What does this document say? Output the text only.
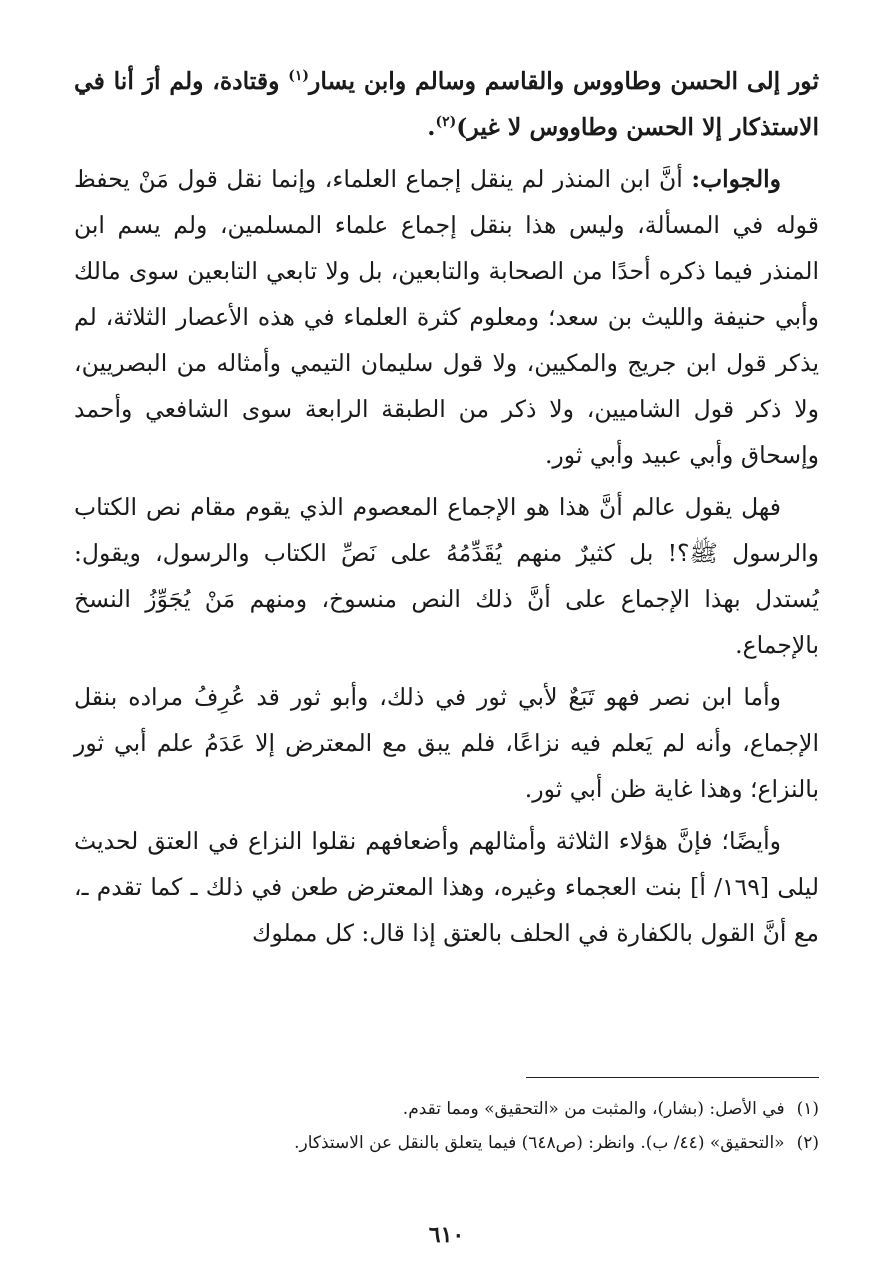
ثور إلى الحسن وطاووس والقاسم وسالم وابن يسار$^{(١)}$ وقتادة، ولم أرَ أنا في الاستذكار إلا الحسن وطاووس لا غير)$^{(٢)}$.

والجواب: أنَّ ابن المنذر لم ينقل إجماع العلماء، وإنما نقل قول مَنْ يحفظ قوله في المسألة، وليس هذا بنقل إجماع علماء المسلمين، ولم يسم ابن المنذر فيما ذكره أحدًا من الصحابة والتابعين، بل ولا تابعي التابعين سوى مالك وأبي حنيفة والليث بن سعد؛ ومعلوم كثرة العلماء في هذه الأعصار الثلاثة، لم يذكر قول ابن جريج والمكيين، ولا قول سليمان التيمي وأمثاله من البصريين، ولا ذكر قول الشاميين، ولا ذكر من الطبقة الرابعة سوى الشافعي وأحمد وإسحاق وأبي عبيد وأبي ثور.

فهل يقول عالم أنَّ هذا هو الإجماع المعصوم الذي يقوم مقام نص الكتاب والرسول ﷺ؟! بل كثيرٌ منهم يُقَدِّمُهُ على نَصِّ الكتاب والرسول، ويقول: يُستدل بهذا الإجماع على أنَّ ذلك النص منسوخ، ومنهم مَنْ يُجَوِّزُ النسخ بالإجماع.

وأما ابن نصر فهو تَبَعٌ لأبي ثور في ذلك، وأبو ثور قد عُرِفُ مراده بنقل الإجماع، وأنه لم يَعلم فيه نزاعًا، فلم يبق مع المعترض إلا عَدَمُ علم أبي ثور بالنزاع؛ وهذا غاية ظن أبي ثور.

وأيضًا؛ فإنَّ هؤلاء الثلاثة وأمثالهم وأضعافهم نقلوا النزاع في العتق لحديث ليلى [١٦٩/ أ] بنت العجماء وغيره، وهذا المعترض طعن في ذلك ـ كما تقدم ـ، مع أنَّ القول بالكفارة في الحلف بالعتق إذا قال: كل مملوك

(١)في الأصل: (بشار)، والمثبت من «التحقيق» ومما تقدم.

(٢)«التحقيق» (٤٤/ ب). وانظر: (ص٦٤٨) فيما يتعلق بالنقل عن الاستذكار.

٦١٠
